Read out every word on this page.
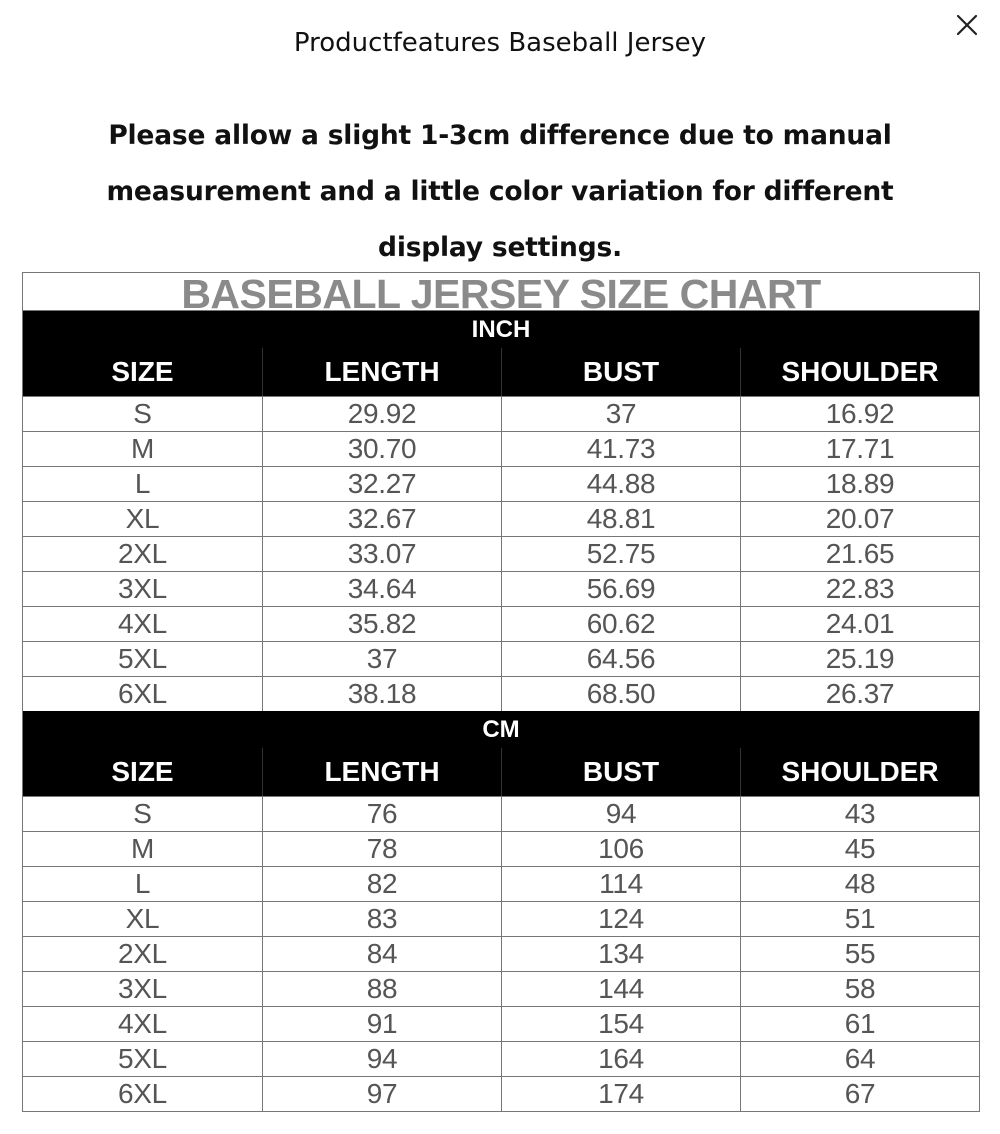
Productfeatures Baseball Jersey
Please allow a slight 1-3cm difference due to manual measurement and a little color variation for different display settings.
BASEBALL JERSEY SIZE CHART
INCH
SIZE	LENGTH	BUST	SHOULDER
S	29.92	37	16.92
M	30.70	41.73	17.71
L	32.27	44.88	18.89
XL	32.67	48.81	20.07
2XL	33.07	52.75	21.65
3XL	34.64	56.69	22.83
4XL	35.82	60.62	24.01
5XL	37	64.56	25.19
6XL	38.18	68.50	26.37
CM
SIZE	LENGTH	BUST	SHOULDER
S	76	94	43
M	78	106	45
L	82	114	48
XL	83	124	51
2XL	84	134	55
3XL	88	144	58
4XL	91	154	61
5XL	94	164	64
6XL	97	174	67
